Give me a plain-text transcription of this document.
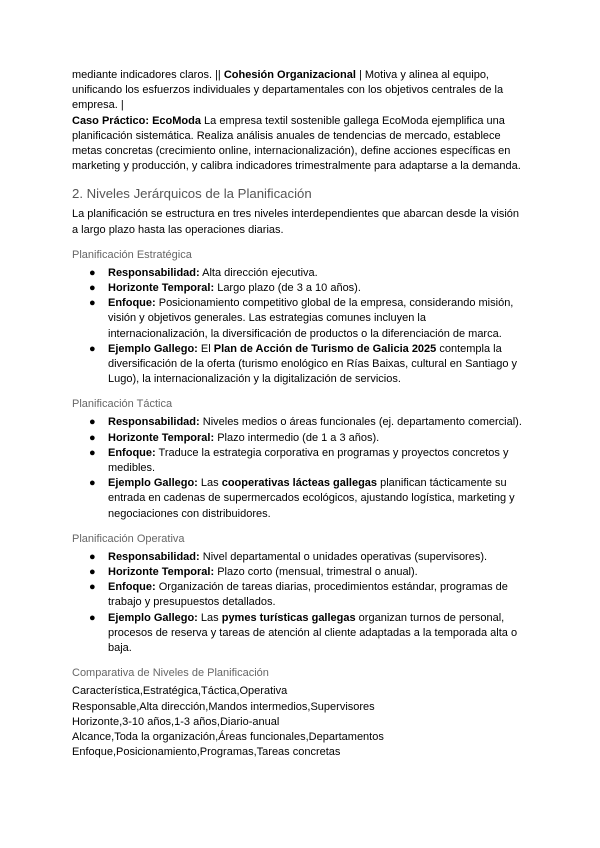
mediante indicadores claros. || Cohesión Organizacional | Motiva y alinea al equipo, unificando los esfuerzos individuales y departamentales con los objetivos centrales de la empresa. |

Caso Práctico: EcoModa La empresa textil sostenible gallega EcoModa ejemplifica una planificación sistemática. Realiza análisis anuales de tendencias de mercado, establece metas concretas (crecimiento online, internacionalización), define acciones específicas en marketing y producción, y calibra indicadores trimestralmente para adaptarse a la demanda.

2. Niveles Jerárquicos de la Planificación

La planificación se estructura en tres niveles interdependientes que abarcan desde la visión a largo plazo hasta las operaciones diarias.

Planificación Estratégica
● Responsabilidad: Alta dirección ejecutiva.
● Horizonte Temporal: Largo plazo (de 3 a 10 años).
● Enfoque: Posicionamiento competitivo global de la empresa, considerando misión, visión y objetivos generales. Las estrategias comunes incluyen la internacionalización, la diversificación de productos o la diferenciación de marca.
● Ejemplo Gallego: El Plan de Acción de Turismo de Galicia 2025 contempla la diversificación de la oferta (turismo enológico en Rías Baixas, cultural en Santiago y Lugo), la internacionalización y la digitalización de servicios.
Planificación Táctica
● Responsabilidad: Niveles medios o áreas funcionales (ej. departamento comercial).
● Horizonte Temporal: Plazo intermedio (de 1 a 3 años).
● Enfoque: Traduce la estrategia corporativa en programas y proyectos concretos y medibles.
● Ejemplo Gallego: Las cooperativas lácteas gallegas planifican tácticamente su entrada en cadenas de supermercados ecológicos, ajustando logística, marketing y negociaciones con distribuidores.
Planificación Operativa
● Responsabilidad: Nivel departamental o unidades operativas (supervisores).
● Horizonte Temporal: Plazo corto (mensual, trimestral o anual).
● Enfoque: Organización de tareas diarias, procedimientos estándar, programas de trabajo y presupuestos detallados.
● Ejemplo Gallego: Las pymes turísticas gallegas organizan turnos de personal, procesos de reserva y tareas de atención al cliente adaptadas a la temporada alta o baja.
Comparativa de Niveles de Planificación

Característica,Estratégica,Táctica,Operativa

Responsable,Alta dirección,Mandos intermedios,Supervisores

Horizonte,3-10 años,1-3 años,Diario-anual

Alcance,Toda la organización,Áreas funcionales,Departamentos

Enfoque,Posicionamiento,Programas,Tareas concretas
